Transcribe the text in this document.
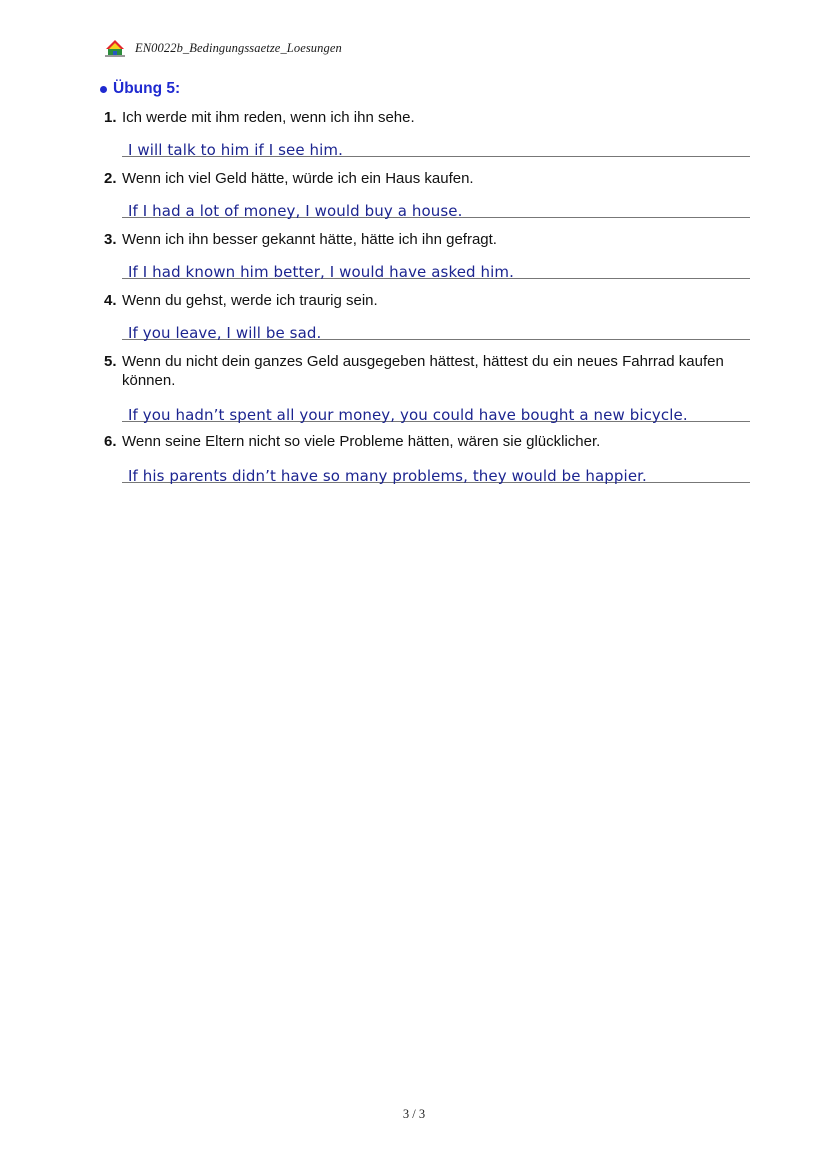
EN0022b_Bedingungssaetze_Loesungen
Übung 5:
1. Ich werde mit ihm reden, wenn ich ihn sehe.
I will talk to him if I see him.
2. Wenn ich viel Geld hätte, würde ich ein Haus kaufen.
If I had a lot of money, I would buy a house.
3. Wenn ich ihn besser gekannt hätte, hätte ich ihn gefragt.
If I had known him better, I would have asked him.
4. Wenn du gehst, werde ich traurig sein.
If you leave, I will be sad.
5. Wenn du nicht dein ganzes Geld ausgegeben hättest, hättest du ein neues Fahrrad kaufen können.
If you hadn’t spent all your money, you could have bought a new bicycle.
6. Wenn seine Eltern nicht so viele Probleme hätten, wären sie glücklicher.
If his parents didn’t have so many problems, they would be happier.
3 / 3
